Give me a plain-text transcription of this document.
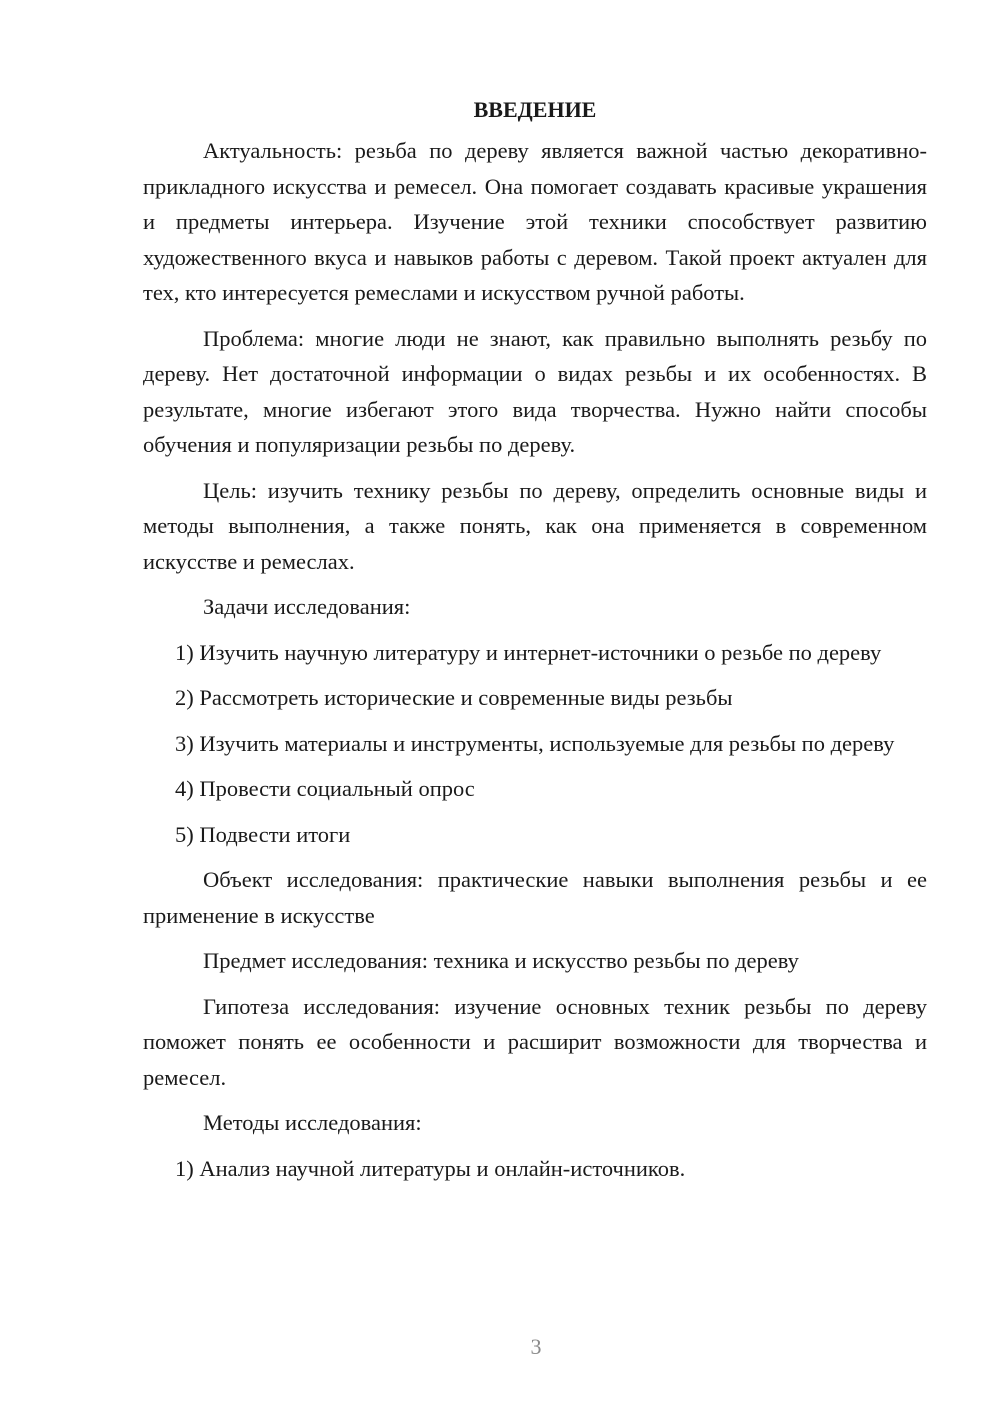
ВВЕДЕНИЕ

Актуальность: резьба по дереву является важной частью декоративно-прикладного искусства и ремесел. Она помогает создавать красивые украшения и предметы интерьера. Изучение этой техники способствует развитию художественного вкуса и навыков работы с деревом. Такой проект актуален для тех, кто интересуется ремеслами и искусством ручной работы.

Проблема: многие люди не знают, как правильно выполнять резьбу по дереву. Нет достаточной информации о видах резьбы и их особенностях. В результате, многие избегают этого вида творчества. Нужно найти способы обучения и популяризации резьбы по дереву.

Цель: изучить технику резьбы по дереву, определить основные виды и методы выполнения, а также понять, как она применяется в современном искусстве и ремеслах.

Задачи исследования:

1) Изучить научную литературу и интернет-источники о резьбе по дереву

2) Рассмотреть исторические и современные виды резьбы

3) Изучить материалы и инструменты, используемые для резьбы по дереву

4) Провести социальный опрос

5) Подвести итоги

Объект исследования: практические навыки выполнения резьбы и ее применение в искусстве

Предмет исследования: техника и искусство резьбы по дереву

Гипотеза исследования: изучение основных техник резьбы по дереву поможет понять ее особенности и расширит возможности для творчества и ремесел.

Методы исследования:

1) Анализ научной литературы и онлайн-источников.

3
